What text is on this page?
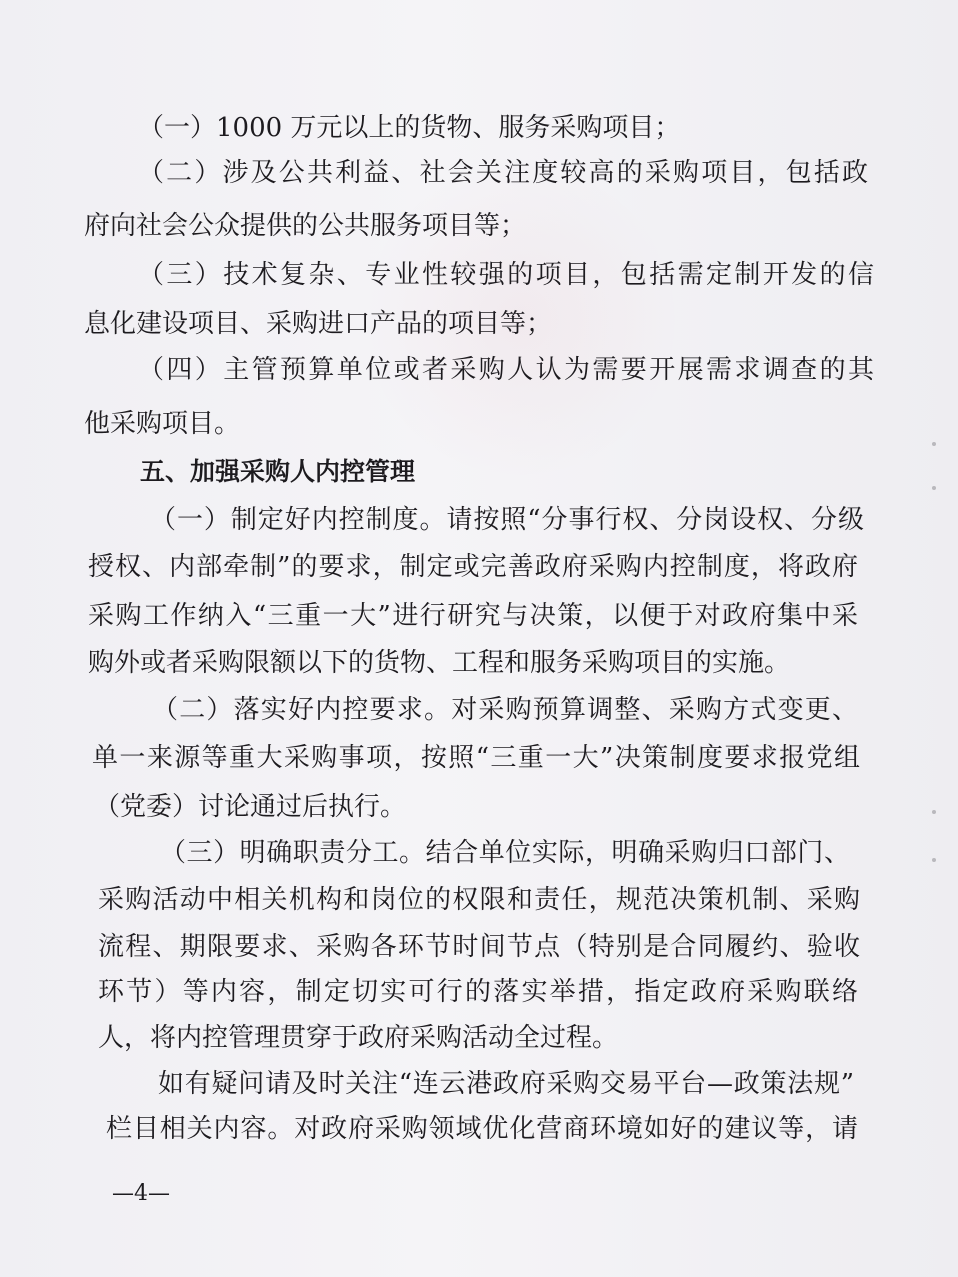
（一）1000 万元以上的货物、服务采购项目；
（二）涉及公共利益、社会关注度较高的采购项目，包括政
府向社会公众提供的公共服务项目等；
（三）技术复杂、专业性较强的项目，包括需定制开发的信
息化建设项目、采购进口产品的项目等；
（四）主管预算单位或者采购人认为需要开展需求调查的其
他采购项目。
五、加强采购人内控管理
（一）制定好内控制度。请按照“分事行权、分岗设权、分级
授权、内部牵制”的要求，制定或完善政府采购内控制度，将政府
采购工作纳入“三重一大”进行研究与决策，以便于对政府集中采
购外或者采购限额以下的货物、工程和服务采购项目的实施。
（二）落实好内控要求。对采购预算调整、采购方式变更、
单一来源等重大采购事项，按照“三重一大”决策制度要求报党组
（党委）讨论通过后执行。
（三）明确职责分工。结合单位实际，明确采购归口部门、
采购活动中相关机构和岗位的权限和责任，规范决策机制、采购
流程、期限要求、采购各环节时间节点（特别是合同履约、验收
环节）等内容，制定切实可行的落实举措，指定政府采购联络
人，将内控管理贯穿于政府采购活动全过程。
如有疑问请及时关注“连云港政府采购交易平台—政策法规”
栏目相关内容。对政府采购领域优化营商环境如好的建议等，请
—4—
